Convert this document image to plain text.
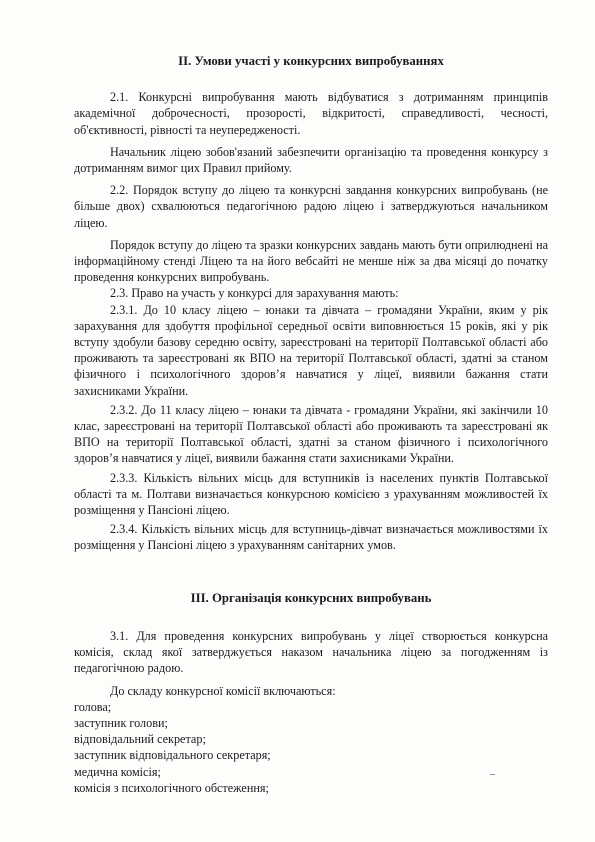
ІІ. Умови участі у конкурсних випробуваннях

2.1. Конкурсні випробування мають відбуватися з дотриманням принципів академічної доброчесності, прозорості, відкритості, справедливості, чесності, об'єктивності, рівності та неупередженості.

Начальник ліцею зобов'язаний забезпечити організацію та проведення конкурсу з дотриманням вимог цих Правил прийому.

2.2. Порядок вступу до ліцею та конкурсні завдання конкурсних випробувань (не більше двох) схвалюються педагогічною радою ліцею і затверджуються начальником ліцею.

Порядок вступу до ліцею та зразки конкурсних завдань мають бути оприлюднені на інформаційному стенді Ліцею та на його вебсайті не менше ніж за два місяці до початку проведення конкурсних випробувань.

2.3. Право на участь у конкурсі для зарахування мають:

2.3.1. До 10 класу ліцею – юнаки та дівчата – громадяни України, яким у рік зарахування для здобуття профільної середньої освіти виповнюється 15 років, які у рік вступу здобули базову середню освіту, зареєстровані на території Полтавської області або проживають та зареєстровані як ВПО на території Полтавської області, здатні за станом фізичного і психологічного здоров’я навчатися у ліцеї, виявили бажання стати захисниками України.

2.3.2. До 11 класу ліцею – юнаки та дівчата - громадяни України, які закінчили 10 клас, зареєстровані на території Полтавської області або проживають та зареєстровані як ВПО на території Полтавської області, здатні за станом фізичного і психологічного здоров’я навчатися у ліцеї, виявили бажання стати захисниками України.

2.3.3. Кількість вільних місць для вступників із населених пунктів Полтавської області та м. Полтави визначається конкурсною комісією з урахуванням можливостей їх розміщення у Пансіоні ліцею.

2.3.4. Кількість вільних місць для вступниць-дівчат визначається можливостями їх розміщення у Пансіоні ліцею з урахуванням санітарних умов.

ІІІ. Організація конкурсних випробувань

3.1. Для проведення конкурсних випробувань у ліцеї створюється конкурсна комісія, склад якої затверджується наказом начальника ліцею за погодженням із педагогічною радою.

До складу конкурсної комісії включаються:

голова;

заступник голови;

відповідальний секретар;

заступник відповідального секретаря;

медична комісія;

комісія з психологічного обстеження;
